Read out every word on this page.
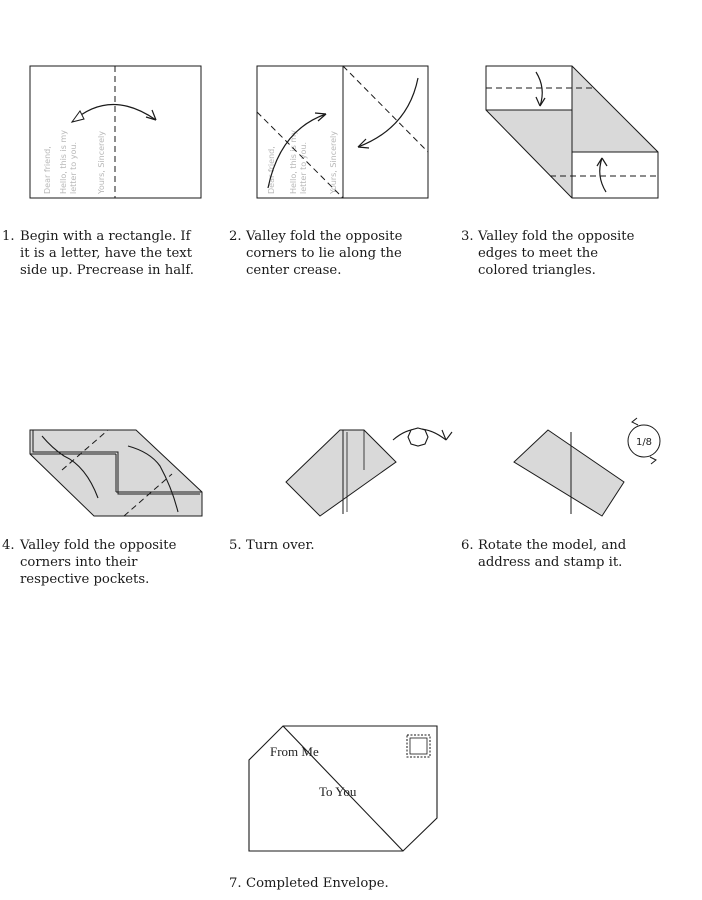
Dear friend, Hello, this is my letter to you. Yours, Sincerely	Dear friend, Hello, this is my letter to you.	Yours, Sincerely
1. Begin with a rectangle. If
it is a letter, have the text
side up. Precrease in half.
2. Valley fold the opposite
corners to lie along the
center crease.
3. Valley fold the opposite
edges to meet the
colored triangles.
1/8
4. Valley fold the opposite
corners into their
respective pockets.
5. Turn over.	6. Rotate the model, and
address and stamp it.
From Me
To You
7. Completed Envelope.
